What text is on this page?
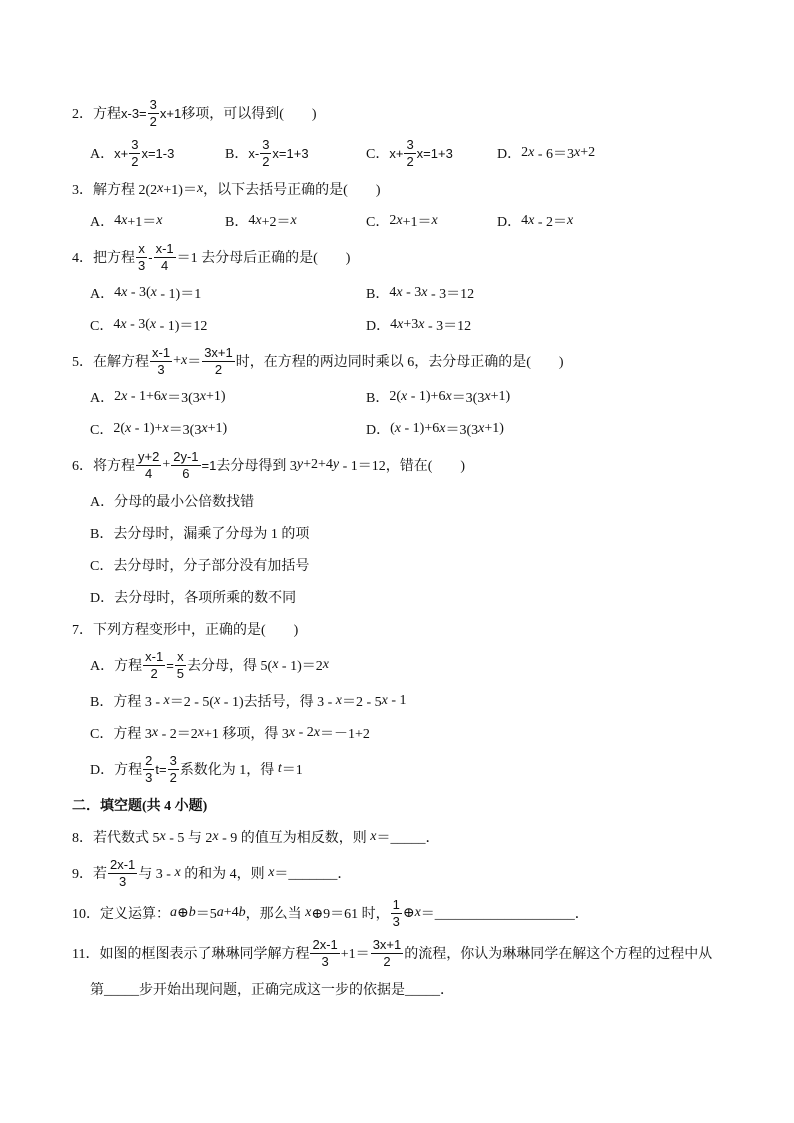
2． 方程 $x-3= \frac{3}{2} x+1$ 移项，可以得到(　　)
A． $x+ \frac{3}{2} x=1-3$	B． $x- \frac{3}{2} x=1+3$	C． $x+ \frac{3}{2} x=1+3$	D． 2 x - 6＝3 x +2
3． 解方程 2(2 x +1)＝ x ，以下去括号正确的是(　　)
A． 4 x +1＝ x	B． 4 x +2＝ x	C． 2 x +1＝ x	D． 4 x - 2＝ x
4． 把方程 $\frac{x}{3} - \frac{x-1}{4} =1$ 去分母后正确的是(　　)
A． 4 x - 3( x - 1)＝1	B． 4 x - 3 x - 3＝12
C． 4 x - 3( x - 1)＝12	D． 4 x +3 x - 3＝12
5． 在解方程 $\frac{x-1}{3} + x = \frac{3x+1}{2}$ 时，在方程的两边同时乘以 6，去分母正确的是(　　)
A． 2 x - 1+6 x ＝3(3 x +1)	B． 2( x - 1)+6 x ＝3(3 x +1)
C． 2( x - 1)+ x ＝3(3 x +1)	D． ( x - 1)+6 x ＝3(3 x +1)
6． 将方程 $\frac{y+2}{4} + \frac{2y-1}{6} =1$ 去分母得到 3 y +2+4 y - 1＝12，错在(　　)
A． 分母的最小公倍数找错
B． 去分母时，漏乘了分母为 1 的项
C． 去分母时，分子部分没有加括号
D． 去分母时，各项所乘的数不同
7． 下列方程变形中，正确的是(　　)
A． 方程 $\frac{x-1}{2} = \frac{x}{5}$ 去分母，得 5( x - 1)＝2 x
B． 方程 3 - x ＝2 - 5( x - 1)去括号，得 3 - x ＝2 - 5 x - 1
C． 方程 3 x - 2＝2 x +1 移项，得 3 x - 2 x ＝－1+2
D． 方程 $\frac{2}{3} t= \frac{3}{2}$ 系数化为 1，得 t ＝1
二．填空题(共 4 小题)
8． 若代数式 5 x - 5 与 2 x - 9 的值互为相反数，则 x ＝_____．
9． 若 $\frac{2x-1}{3}$ 与 3 - x 的和为 4，则 x ＝_______．
10． 定义运算： a ⊕ b ＝5 a +4 b ，那么当 x ⊕9＝61 时， $\frac{1}{3}$ ⊕ x ＝____________________．
11． 如图的框图表示了琳琳同学解方程 $\frac{2x-1}{3} +1= \frac{3x+1}{2}$ 的流程，你认为琳琳同学在解这个方程的过程中从
第_____步开始出现问题，正确完成这一步的依据是_____．
